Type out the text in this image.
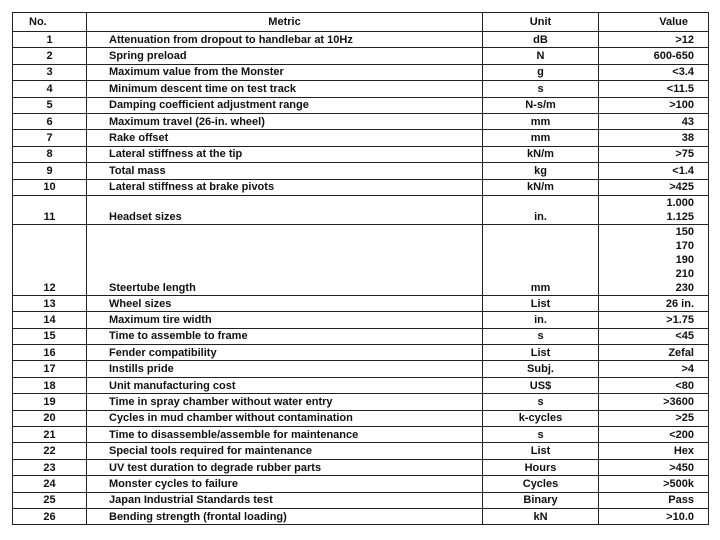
No.	Metric	Unit	Value
1	Attenuation from dropout to handlebar at 10Hz	dB	>12
2	Spring preload	N	600-650
3	Maximum value from the Monster	g	<3.4
4	Minimum descent time on test track	s	<11.5
5	Damping coefficient adjustment range	N-s/m	>100
6	Maximum travel (26-in. wheel)	mm	43
7	Rake offset	mm	38
8	Lateral stiffness at the tip	kN/m	>75
9	Total mass	kg	<1.4
10	Lateral stiffness at brake pivots	kN/m	>425
11	Headset sizes	in.	1.000
1.125

12	Steertube length	mm	150
170
190
210
230

13	Wheel sizes	List	26 in.
14	Maximum tire width	in.	>1.75
15	Time to assemble to frame	s	<45
16	Fender compatibility	List	Zefal
17	Instills pride	Subj.	>4
18	Unit manufacturing cost	US$	<80
19	Time in spray chamber without water entry	s	>3600
20	Cycles in mud chamber without contamination	k-cycles	>25
21	Time to disassemble/assemble for maintenance	s	<200
22	Special tools required for maintenance	List	Hex
23	UV test duration to degrade rubber parts	Hours	>450
24	Monster cycles to failure	Cycles	>500k
25	Japan Industrial Standards test	Binary	Pass
26	Bending strength (frontal loading)	kN	>10.0
